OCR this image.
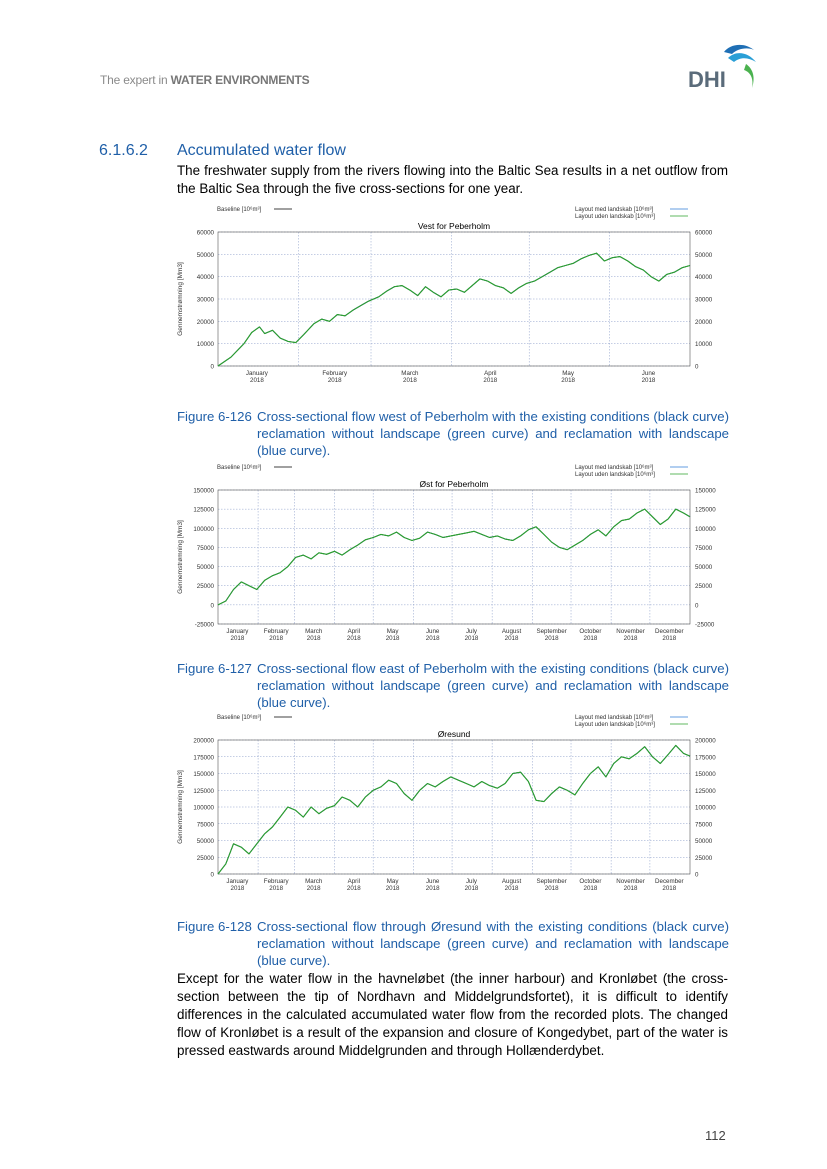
The expert in WATER ENVIRONMENTS	DHI
6.1.6.2 Accumulated water flow
The freshwater supply from the rivers flowing into the Baltic Sea results in a net outflow from the Baltic Sea through the five cross-sections for one year.
Baseline [10⁶m³]	Layout med landskab [10⁶m³]
Layout uden landskab [10⁶m³]
Vest for Peberholm
0	0
10000	10000
20000	20000
30000	30000
40000	40000
50000	50000
60000	60000
January
2018
February
2018
March
2018
April
2018
May
2018
June
2018
Gennemstrømning [Mm3]
Figure 6-126 Cross-sectional flow west of Peberholm with the existing conditions (black curve) reclamation without landscape (green curve) and reclamation with landscape (blue curve).
Baseline [10⁶m³]	Layout med landskab [10⁶m³]
Layout uden landskab [10⁶m³]
Øst for Peberholm
-25000	-25000
0	0
25000	25000
50000	50000
75000	75000
100000	100000
125000	125000
150000	150000
January
2018
February
2018
March
2018
April
2018
May
2018
June
2018
July
2018
August
2018
September
2018
October
2018
November
2018
December
2018
Gennemstrømning [Mm3]
Figure 6-127 Cross-sectional flow east of Peberholm with the existing conditions (black curve) reclamation without landscape (green curve) and reclamation with landscape (blue curve).
Baseline [10⁶m³]	Layout med landskab [10⁶m³]
Layout uden landskab [10⁶m³]
Øresund
0	0
25000	25000
50000	50000
75000	75000
100000	100000
125000	125000
150000	150000
175000	175000
200000	200000
January
2018
February
2018
March
2018
April
2018
May
2018
June
2018
July
2018
August
2018
September
2018
October
2018
November
2018
December
2018
Gennemstrømning [Mm3]
Figure 6-128 Cross-sectional flow through Øresund with the existing conditions (black curve) reclamation without landscape (green curve) and reclamation with landscape (blue curve).
Except for the water flow in the havneløbet (the inner harbour) and Kronløbet (the cross-section between the tip of Nordhavn and Middelgrundsfortet), it is difficult to identify differences in the calculated accumulated water flow from the recorded plots. The changed flow of Kronløbet is a result of the expansion and closure of Kongedybet, part of the water is pressed eastwards around Middelgrunden and through Hollænderdybet.
112
